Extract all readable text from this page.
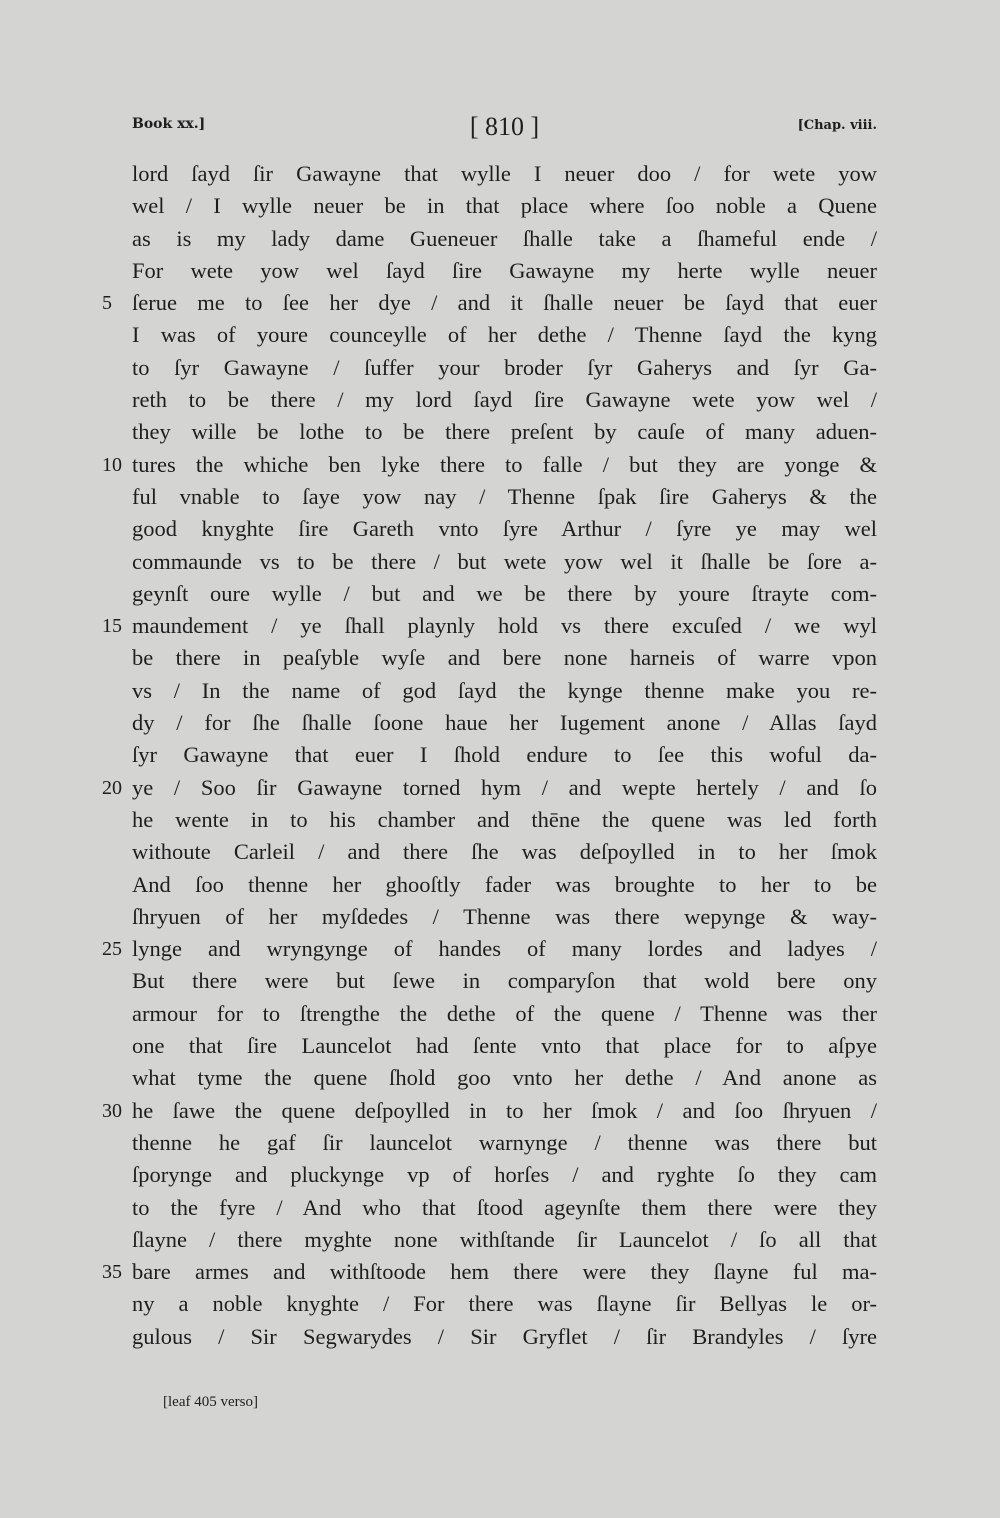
Book xx.]	[ 810 ]	[Chap. viii.
lord ſayd ſir Gawayne that wylle I neuer doo / for wete yow
wel / I wylle neuer be in that place where ſoo noble a Quene
as is my lady dame Gueneuer ſhalle take a ſhameful ende /
For wete yow wel ſayd ſire Gawayne my herte wylle neuer
5 ſerue me to ſee her dye / and it ſhalle neuer be ſayd that euer
I was of youre counceylle of her dethe / Thenne ſayd the kyng
to ſyr Gawayne / ſuffer your broder ſyr Gaherys and ſyr Ga-
reth to be there / my lord ſayd ſire Gawayne wete yow wel /
they wille be lothe to be there preſent by cauſe of many aduen-
10 tures the whiche ben lyke there to falle / but they are yonge &
ful vnable to ſaye yow nay / Thenne ſpak ſire Gaherys & the
good knyghte ſire Gareth vnto ſyre Arthur / ſyre ye may wel
commaunde vs to be there / but wete yow wel it ſhalle be ſore a-
geynſt oure wylle / but and we be there by youre ſtrayte com-
15 maundement / ye ſhall playnly hold vs there excuſed / we wyl
be there in peaſyble wyſe and bere none harneis of warre vpon
vs / In the name of god ſayd the kynge thenne make you re-
dy / for ſhe ſhalle ſoone haue her Iugement anone / Allas ſayd
ſyr Gawayne that euer I ſhold endure to ſee this woful da-
20 ye / Soo ſir Gawayne torned hym / and wepte hertely / and ſo
he wente in to his chamber and thēne the quene was led forth
withoute Carleil / and there ſhe was deſpoylled in to her ſmok
And ſoo thenne her ghooſtly fader was broughte to her to be
ſhryuen of her myſdedes / Thenne was there wepynge & way-
25 lynge and wryngynge of handes of many lordes and ladyes /
But there were but ſewe in comparyſon that wold bere ony
armour for to ſtrengthe the dethe of the quene / Thenne was ther
one that ſire Launcelot had ſente vnto that place for to aſpye
what tyme the quene ſhold goo vnto her dethe / And anone as
30 he ſawe the quene deſpoylled in to her ſmok / and ſoo ſhryuen /
thenne he gaf ſir launcelot warnynge / thenne was there but
ſporynge and pluckynge vp of horſes / and ryghte ſo they cam
to the fyre / And who that ſtood ageynſte them there were they
ſlayne / there myghte none withſtande ſir Launcelot / ſo all that
35 bare armes and withſtoode hem there were they ſlayne ful ma-
ny a noble knyghte / For there was ſlayne ſir Bellyas le or-
gulous / Sir Segwarydes / Sir Gryflet / ſir Brandyles / ſyre
[leaf 405 verso]
